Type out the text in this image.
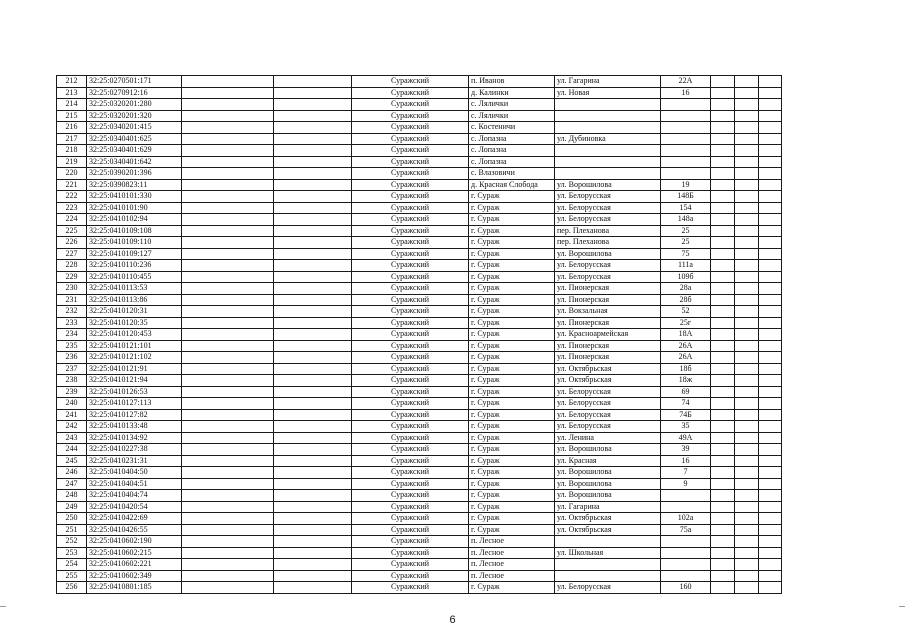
212	32:25:0270501:171			Суражский	п. Иванов	ул. Гагарина	22А			
213	32:25:0270912:16			Суражский	д. Калинки	ул. Новая	16			
214	32:25:0320201:280			Суражский	с. Лялички					
215	32:25:0320201:320			Суражский	с. Лялички					
216	32:25:0340201:415			Суражский	с. Костеничи					
217	32:25:0340401:625			Суражский	с. Лопазна	ул. Дубиновка				
218	32:25:0340401:629			Суражский	с. Лопазна					
219	32:25:0340401:642			Суражский	с. Лопазна					
220	32:25:0390201:396			Суражский	с. Влазовичи					
221	32:25:0390823:11			Суражский	д. Красная Слобода	ул. Ворошилова	19			
222	32:25:0410101:330			Суражский	г. Сураж	ул. Белорусская	148Б			
223	32:25:0410101:90			Суражский	г. Сураж	ул. Белорусская	154			
224	32:25:0410102:94			Суражский	г. Сураж	ул. Белорусская	148а			
225	32:25:0410109:108			Суражский	г. Сураж	пер. Плеханова	25			
226	32:25:0410109:110			Суражский	г. Сураж	пер. Плеханова	25			
227	32:25:0410109:127			Суражский	г. Сураж	ул. Ворошилова	75			
228	32:25:0410110:236			Суражский	г. Сураж	ул. Белорусская	111а			
229	32:25:0410110:455			Суражский	г. Сураж	ул. Белорусская	109б			
230	32:25:0410113:53			Суражский	г. Сураж	ул. Пионерская	28а			
231	32:25:0410113:86			Суражский	г. Сураж	ул. Пионерская	28б			
232	32:25:0410120:31			Суражский	г. Сураж	ул. Вокзальная	52			
233	32:25:0410120:35			Суражский	г. Сураж	ул. Пионерская	25г			
234	32:25:0410120:453			Суражский	г. Сураж	ул. Красноармейская	18А			
235	32:25:0410121:101			Суражский	г. Сураж	ул. Пионерская	26А			
236	32:25:0410121:102			Суражский	г. Сураж	ул. Пионерская	26А			
237	32:25:0410121:91			Суражский	г. Сураж	ул. Октябрьская	18б			
238	32:25:0410121:94			Суражский	г. Сураж	ул. Октябрьская	18ж			
239	32:25:0410126:53			Суражский	г. Сураж	ул. Белорусская	69			
240	32:25:0410127:113			Суражский	г. Сураж	ул. Белорусская	74			
241	32:25:0410127:82			Суражский	г. Сураж	ул. Белорусская	74Б			
242	32:25:0410133:48			Суражский	г. Сураж	ул. Белорусская	35			
243	32:25:0410134:92			Суражский	г. Сураж	ул. Ленина	49А			
244	32:25:0410227:38			Суражский	г. Сураж	ул. Ворошилова	39			
245	32:25:0410231:31			Суражский	г. Сураж	ул. Красная	16			
246	32:25:0410404:50			Суражский	г. Сураж	ул. Ворошилова	7			
247	32:25:0410404:51			Суражский	г. Сураж	ул. Ворошилова	9			
248	32:25:0410404:74			Суражский	г. Сураж	ул. Ворошилова				
249	32:25:0410420:54			Суражский	г. Сураж	ул. Гагарина				
250	32:25:0410422:69			Суражский	г. Сураж	ул. Октябрьская	102а			
251	32:25:0410426:55			Суражский	г. Сураж	ул. Октябрьская	75а			
252	32:25:0410602:190			Суражский	п. Лесное					
253	32:25:0410602:215			Суражский	п. Лесное	ул. Школьная				
254	32:25:0410602:221			Суражский	п. Лесное					
255	32:25:0410602:349			Суражский	п. Лесное					
256	32:25:0410801:185			Суражский	г. Сураж	ул. Белорусская	160			
6
